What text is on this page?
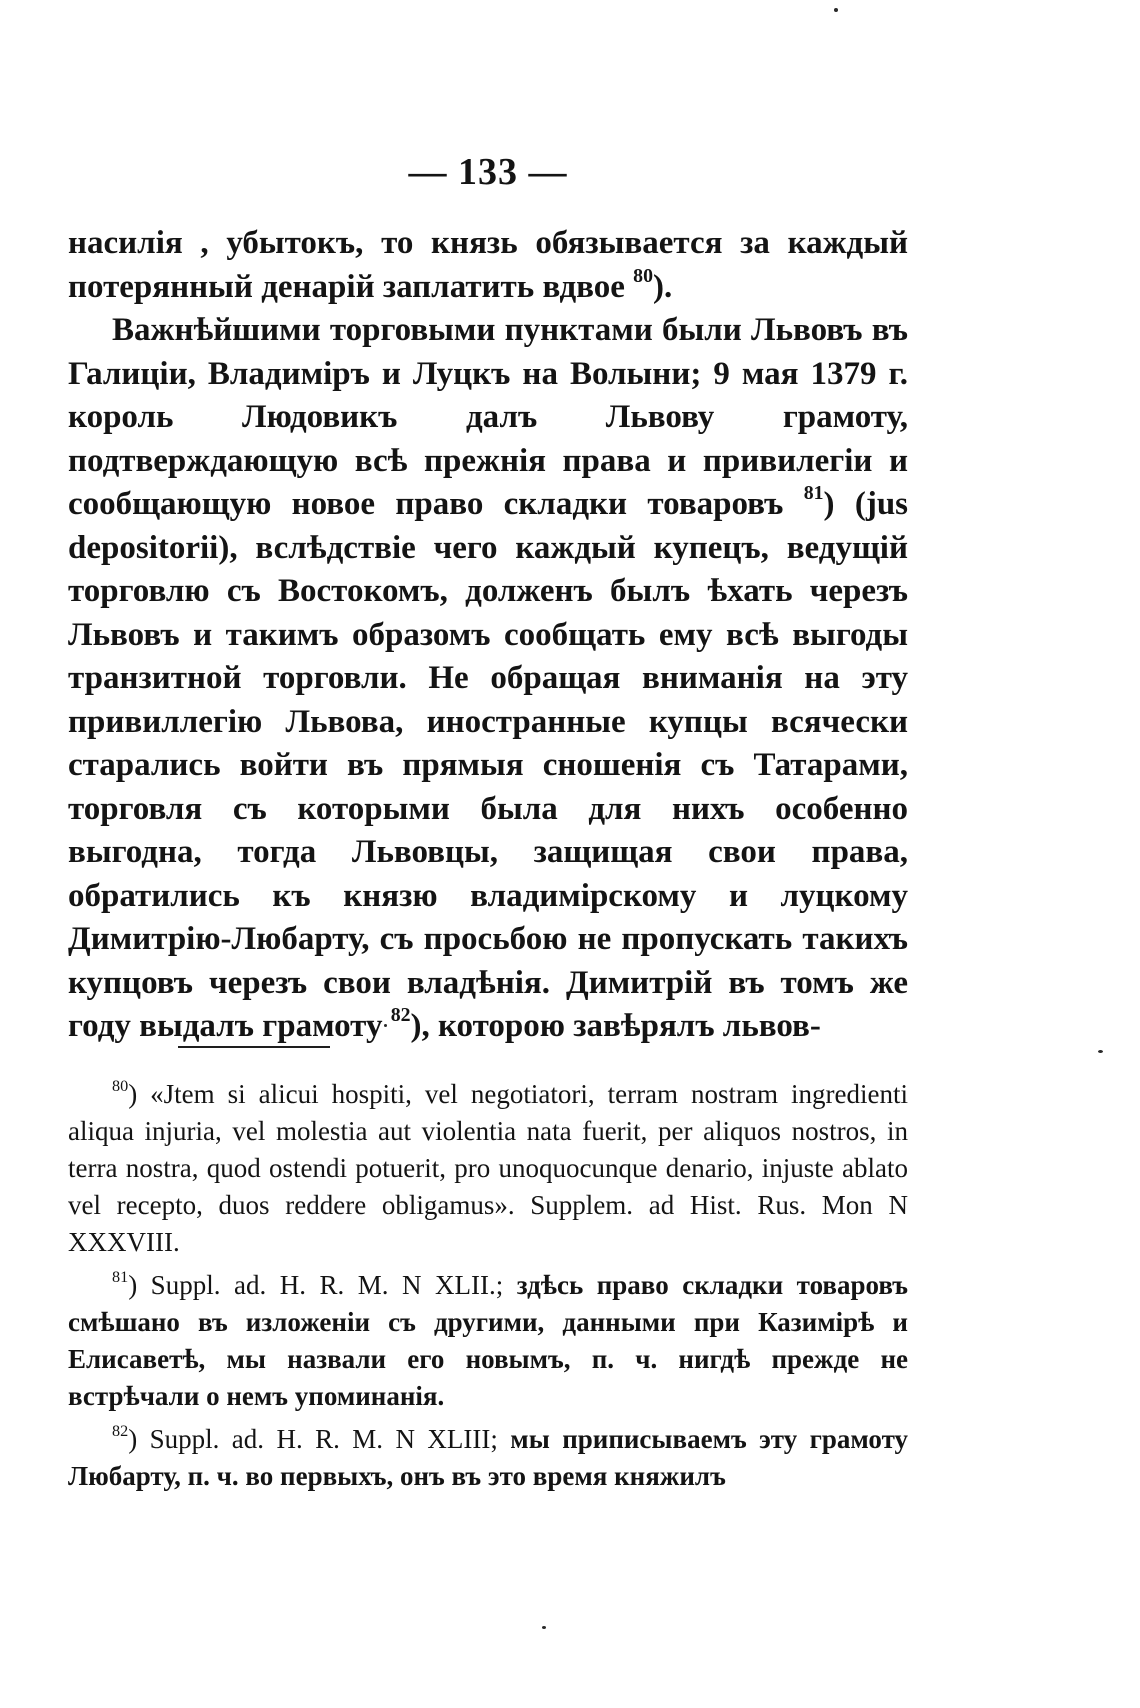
— 133 —

насилія , убытокъ, то князь обязывается за каждый потерянный денарій заплатить вдвое $^{80}$).

Важнѣйшими торговыми пунктами были Львовъ въ Галиціи, Владиміръ и Луцкъ на Волыни; 9 мая 1379 г. король Людовикъ далъ Львову грамоту, подтверждающую всѣ прежнія права и привилегіи и сообщающую новое право складки товаровъ $^{81}$) (jus depositorii), вслѣдствіе чего каждый купецъ, ведущій торговлю съ Востокомъ, долженъ былъ ѣхать черезъ Львовъ и такимъ образомъ сообщать ему всѣ выгоды транзитной торговли. Не обращая вниманія на эту привиллегію Львова, иностранные купцы всячески старались войти въ прямыя сношенія съ Татарами, торговля съ которыми была для нихъ особенно выгодна, тогда Львовцы, защищая свои права, обратились къ князю владимірскому и луцкому Димитрію-Любарту, съ просьбою не пропускать такихъ купцовъ черезъ свои владѣнія. Димитрій въ томъ же году выдалъ грамоту $^{82}$), которою завѣрялъ львов-

$^{80}$) «Jtem si alicui hospiti, vel negotiatori, terram nostram ingredienti aliqua injuria, vel molestia aut violentia nata fuerit, per aliquos nostros, in terra nostra, quod ostendi potuerit, pro unoquocunque denario, injuste ablato vel recepto, duos reddere obligamus». Supplem. ad Hist. Rus. Mon N XXXVIII.

$^{81}$) Suppl. ad. H. R. M. N XLII.; здѣсь право складки товаровъ смѣшано въ изложеніи съ другими, данными при Казимірѣ и Елисаветѣ, мы назвали его новымъ, п. ч. нигдѣ прежде не встрѣчали о немъ упоминанія.

$^{82}$) Suppl. ad. H. R. M. N XLIII; мы приписываемъ эту грамоту Любарту, п. ч. во первыхъ, онъ въ это время княжилъ
